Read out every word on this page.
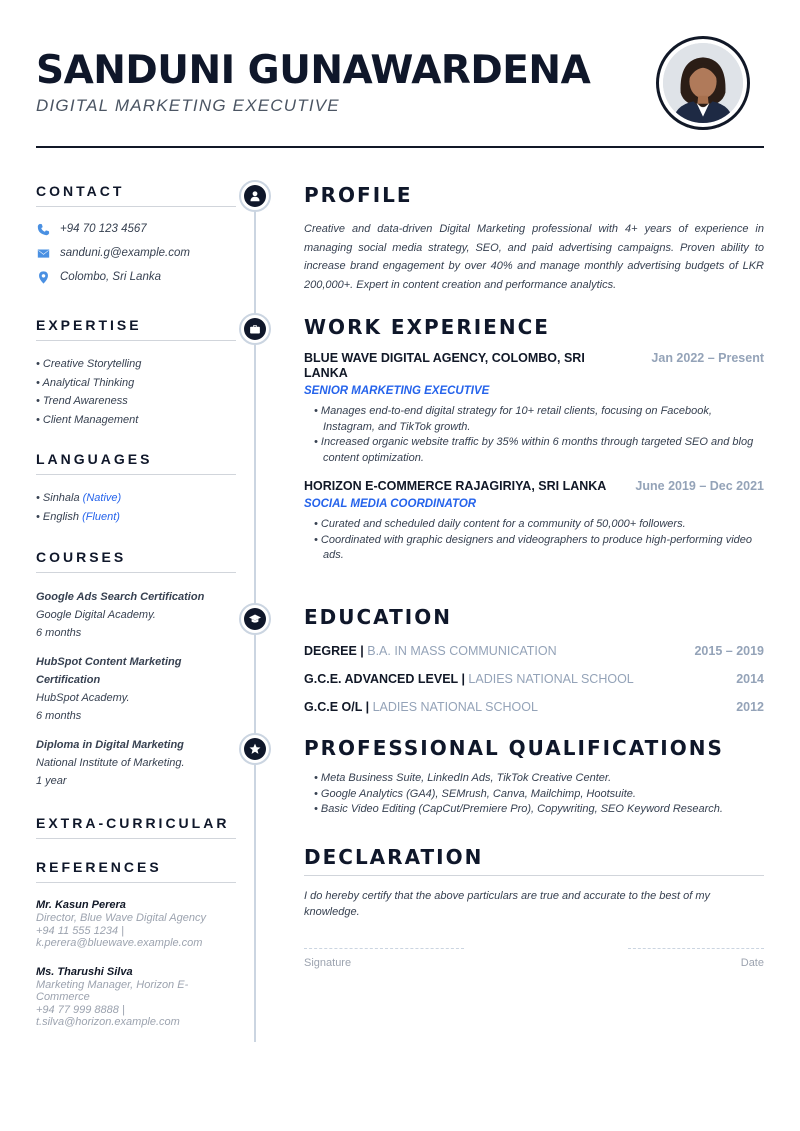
SANDUNI GUNAWARDENA
DIGITAL MARKETING EXECUTIVE
CONTACT
+94 70 123 4567
sanduni.g@example.com
Colombo, Sri Lanka
EXPERTISE
• Creative Storytelling
• Analytical Thinking
• Trend Awareness
• Client Management
LANGUAGES
• Sinhala (Native)
• English (Fluent)
COURSES
Google Ads Search Certification
Google Digital Academy.
6 months
HubSpot Content Marketing
Certification
HubSpot Academy.
6 months
Diploma in Digital Marketing
National Institute of Marketing.
1 year
EXTRA-CURRICULAR
REFERENCES
Mr. Kasun Perera
Director, Blue Wave Digital Agency
+94 11 555 1234 |
k.perera@bluewave.example.com
Ms. Tharushi Silva
Marketing Manager, Horizon E-
Commerce
+94 77 999 8888 |
t.silva@horizon.example.com
PROFILE
Creative and data-driven Digital Marketing professional with 4+ years of experience in managing social media strategy, SEO, and paid advertising campaigns. Proven ability to increase brand engagement by over 40% and manage monthly advertising budgets of LKR 200,000+. Expert in content creation and performance analytics.
WORK EXPERIENCE
BLUE WAVE DIGITAL AGENCY, COLOMBO, SRI LANKA
Jan 2022 – Present
SENIOR MARKETING EXECUTIVE
• Manages end-to-end digital strategy for 10+ retail clients, focusing on Facebook, Instagram, and TikTok growth.
• Increased organic website traffic by 35% within 6 months through targeted SEO and blog content optimization.
HORIZON E-COMMERCE RAJAGIRIYA, SRI LANKA	June 2019 – Dec 2021
SOCIAL MEDIA COORDINATOR
• Curated and scheduled daily content for a community of 50,000+ followers.
• Coordinated with graphic designers and videographers to produce high-performing video ads.
EDUCATION
DEGREE | B.A. IN MASS COMMUNICATION	2015 – 2019
G.C.E. ADVANCED LEVEL | LADIES NATIONAL SCHOOL	2014
G.C.E O/L | LADIES NATIONAL SCHOOL	2012
PROFESSIONAL QUALIFICATIONS
• Meta Business Suite, LinkedIn Ads, TikTok Creative Center.
• Google Analytics (GA4), SEMrush, Canva, Mailchimp, Hootsuite.
• Basic Video Editing (CapCut/Premiere Pro), Copywriting, SEO Keyword Research.
DECLARATION
I do hereby certify that the above particulars are true and accurate to the best of my knowledge.
Signature	Date
